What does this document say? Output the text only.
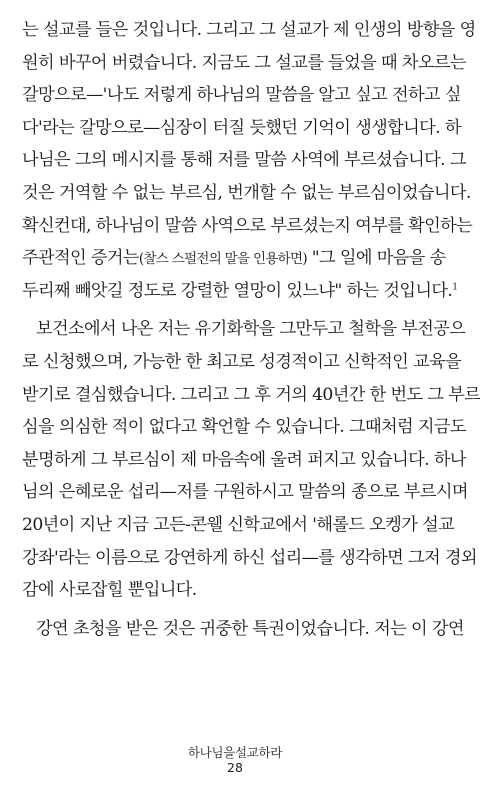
는 설교를 들은 것입니다. 그리고 그 설교가 제 인생의 방향을 영
원히 바꾸어 버렸습니다. 지금도 그 설교를 들었을 때 차오르는
갈망으로—'나도 저렇게 하나님의 말씀을 알고 싶고 전하고 싶
다'라는 갈망으로—심장이 터질 듯했던 기억이 생생합니다. 하
나님은 그의 메시지를 통해 저를 말씀 사역에 부르셨습니다. 그
것은 거역할 수 없는 부르심, 번개할 수 없는 부르심이었습니다.
확신컨대, 하나님이 말씀 사역으로 부르셨는지 여부를 확인하는
주관적인 증거는(찰스 스펄전의 말을 인용하면) "그 일에 마음을 송
두리째 빼앗길 정도로 강렬한 열망이 있느냐" 하는 것입니다.$^1$
보건소에서 나온 저는 유기화학을 그만두고 철학을 부전공으
로 신청했으며, 가능한 한 최고로 성경적이고 신학적인 교육을
받기로 결심했습니다. 그리고 그 후 거의 40년간 한 번도 그 부르
심을 의심한 적이 없다고 확언할 수 있습니다. 그때처럼 지금도
분명하게 그 부르심이 제 마음속에 울려 퍼지고 있습니다. 하나
님의 은혜로운 섭리—저를 구원하시고 말씀의 종으로 부르시며
20년이 지난 지금 고든-콘웰 신학교에서 '해롤드 오켕가 설교
강좌'라는 이름으로 강연하게 하신 섭리—를 생각하면 그저 경외
감에 사로잡힐 뿐입니다.
강연 초청을 받은 것은 귀중한 특권이었습니다. 저는 이 강연
하나님을설교하라
28
